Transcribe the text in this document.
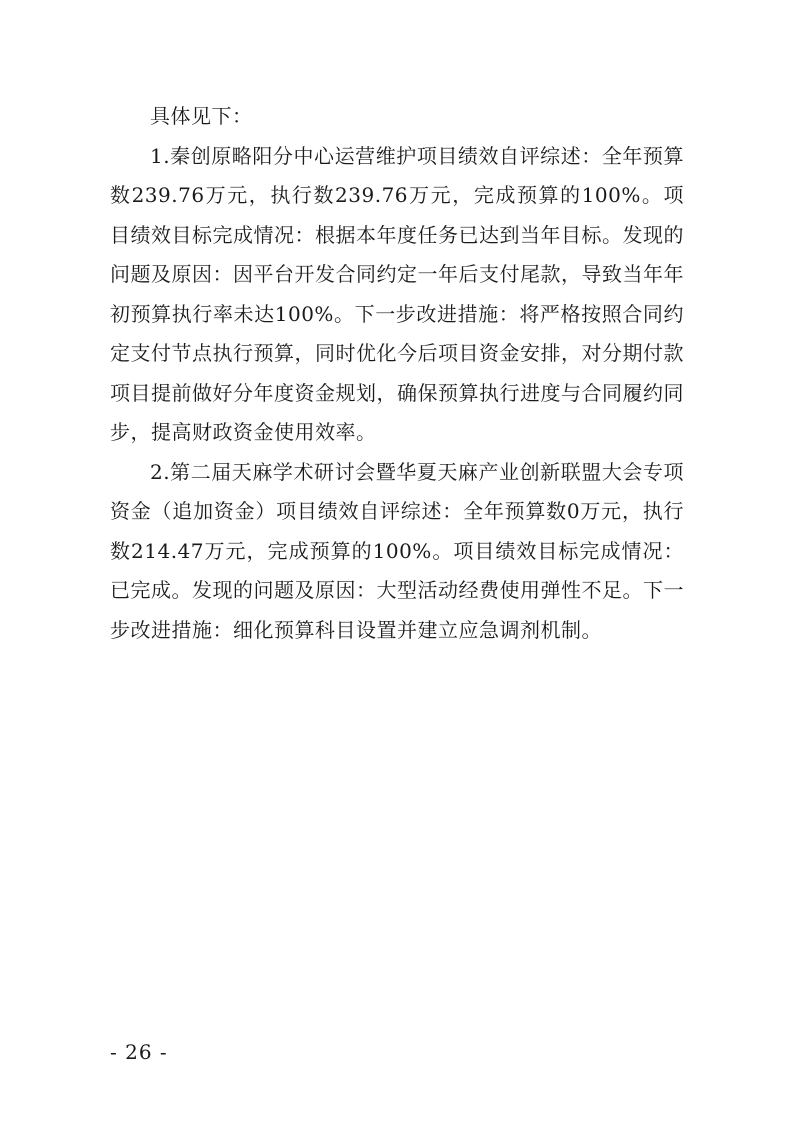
具体见下：

1.秦创原略阳分中心运营维护项目绩效自评综述：全年预算数239.76万元，执行数239.76万元，完成预算的100%。项目绩效目标完成情况：根据本年度任务已达到当年目标。发现的问题及原因：因平台开发合同约定一年后支付尾款，导致当年年初预算执行率未达100%。下一步改进措施：将严格按照合同约定支付节点执行预算，同时优化今后项目资金安排，对分期付款项目提前做好分年度资金规划，确保预算执行进度与合同履约同步，提高财政资金使用效率。

2.第二届天麻学术研讨会暨华夏天麻产业创新联盟大会专项资金（追加资金）项目绩效自评综述：全年预算数0万元，执行数214.47万元，完成预算的100%。项目绩效目标完成情况：已完成。发现的问题及原因：大型活动经费使用弹性不足。下一步改进措施：细化预算科目设置并建立应急调剂机制。

- 26 -
